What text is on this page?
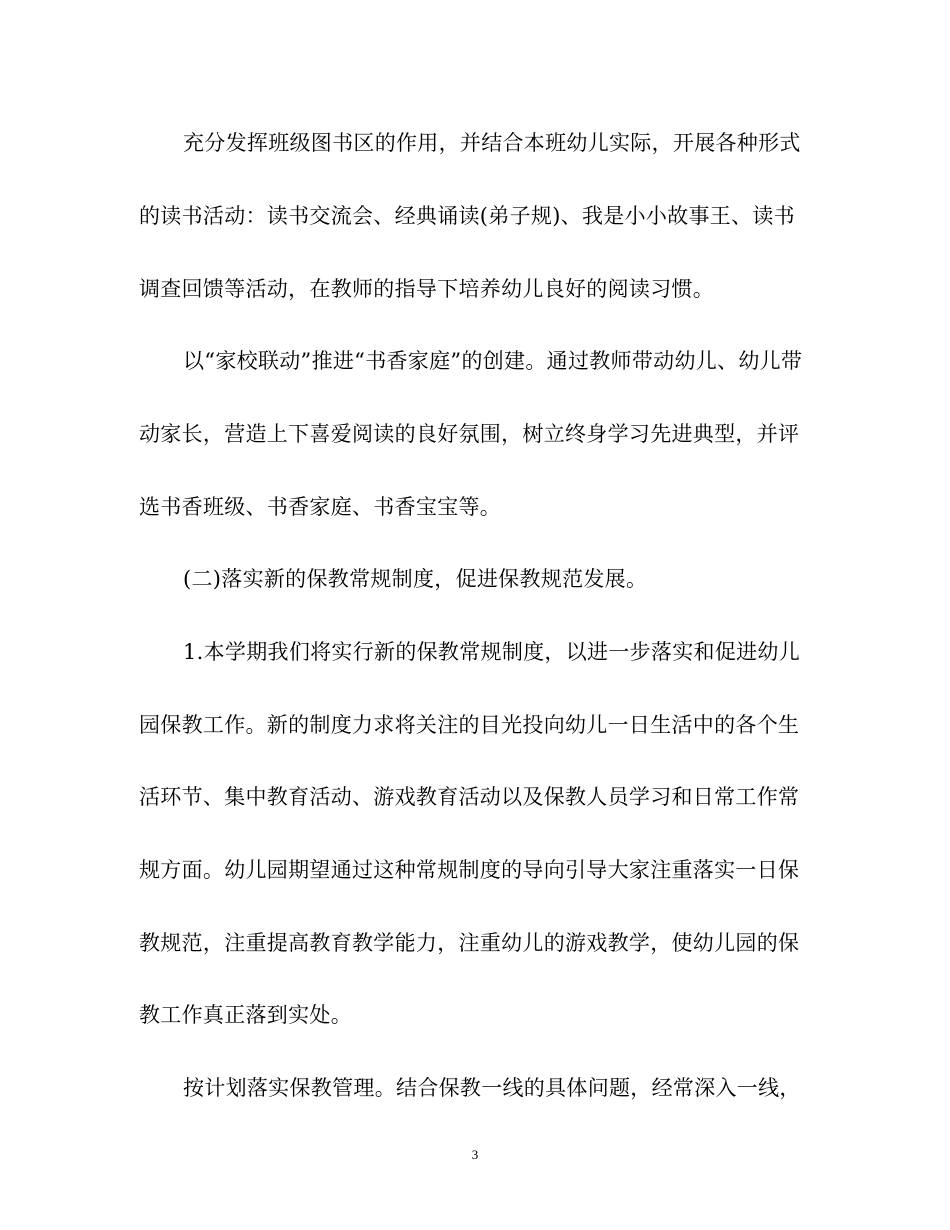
充分发挥班级图书区的作用，并结合本班幼儿实际，开展各种形式
的读书活动：读书交流会、经典诵读(弟子规)、我是小小故事王、读书
调查回馈等活动，在教师的指导下培养幼儿良好的阅读习惯。
以“家校联动”推进“书香家庭”的创建。通过教师带动幼儿、幼儿带
动家长，营造上下喜爱阅读的良好氛围，树立终身学习先进典型，并评
选书香班级、书香家庭、书香宝宝等。
(二)落实新的保教常规制度，促进保教规范发展。
1.本学期我们将实行新的保教常规制度，以进一步落实和促进幼儿
园保教工作。新的制度力求将关注的目光投向幼儿一日生活中的各个生
活环节、集中教育活动、游戏教育活动以及保教人员学习和日常工作常
规方面。幼儿园期望通过这种常规制度的导向引导大家注重落实一日保
教规范，注重提高教育教学能力，注重幼儿的游戏教学，使幼儿园的保
教工作真正落到实处。
按计划落实保教管理。结合保教一线的具体问题，经常深入一线，
3
